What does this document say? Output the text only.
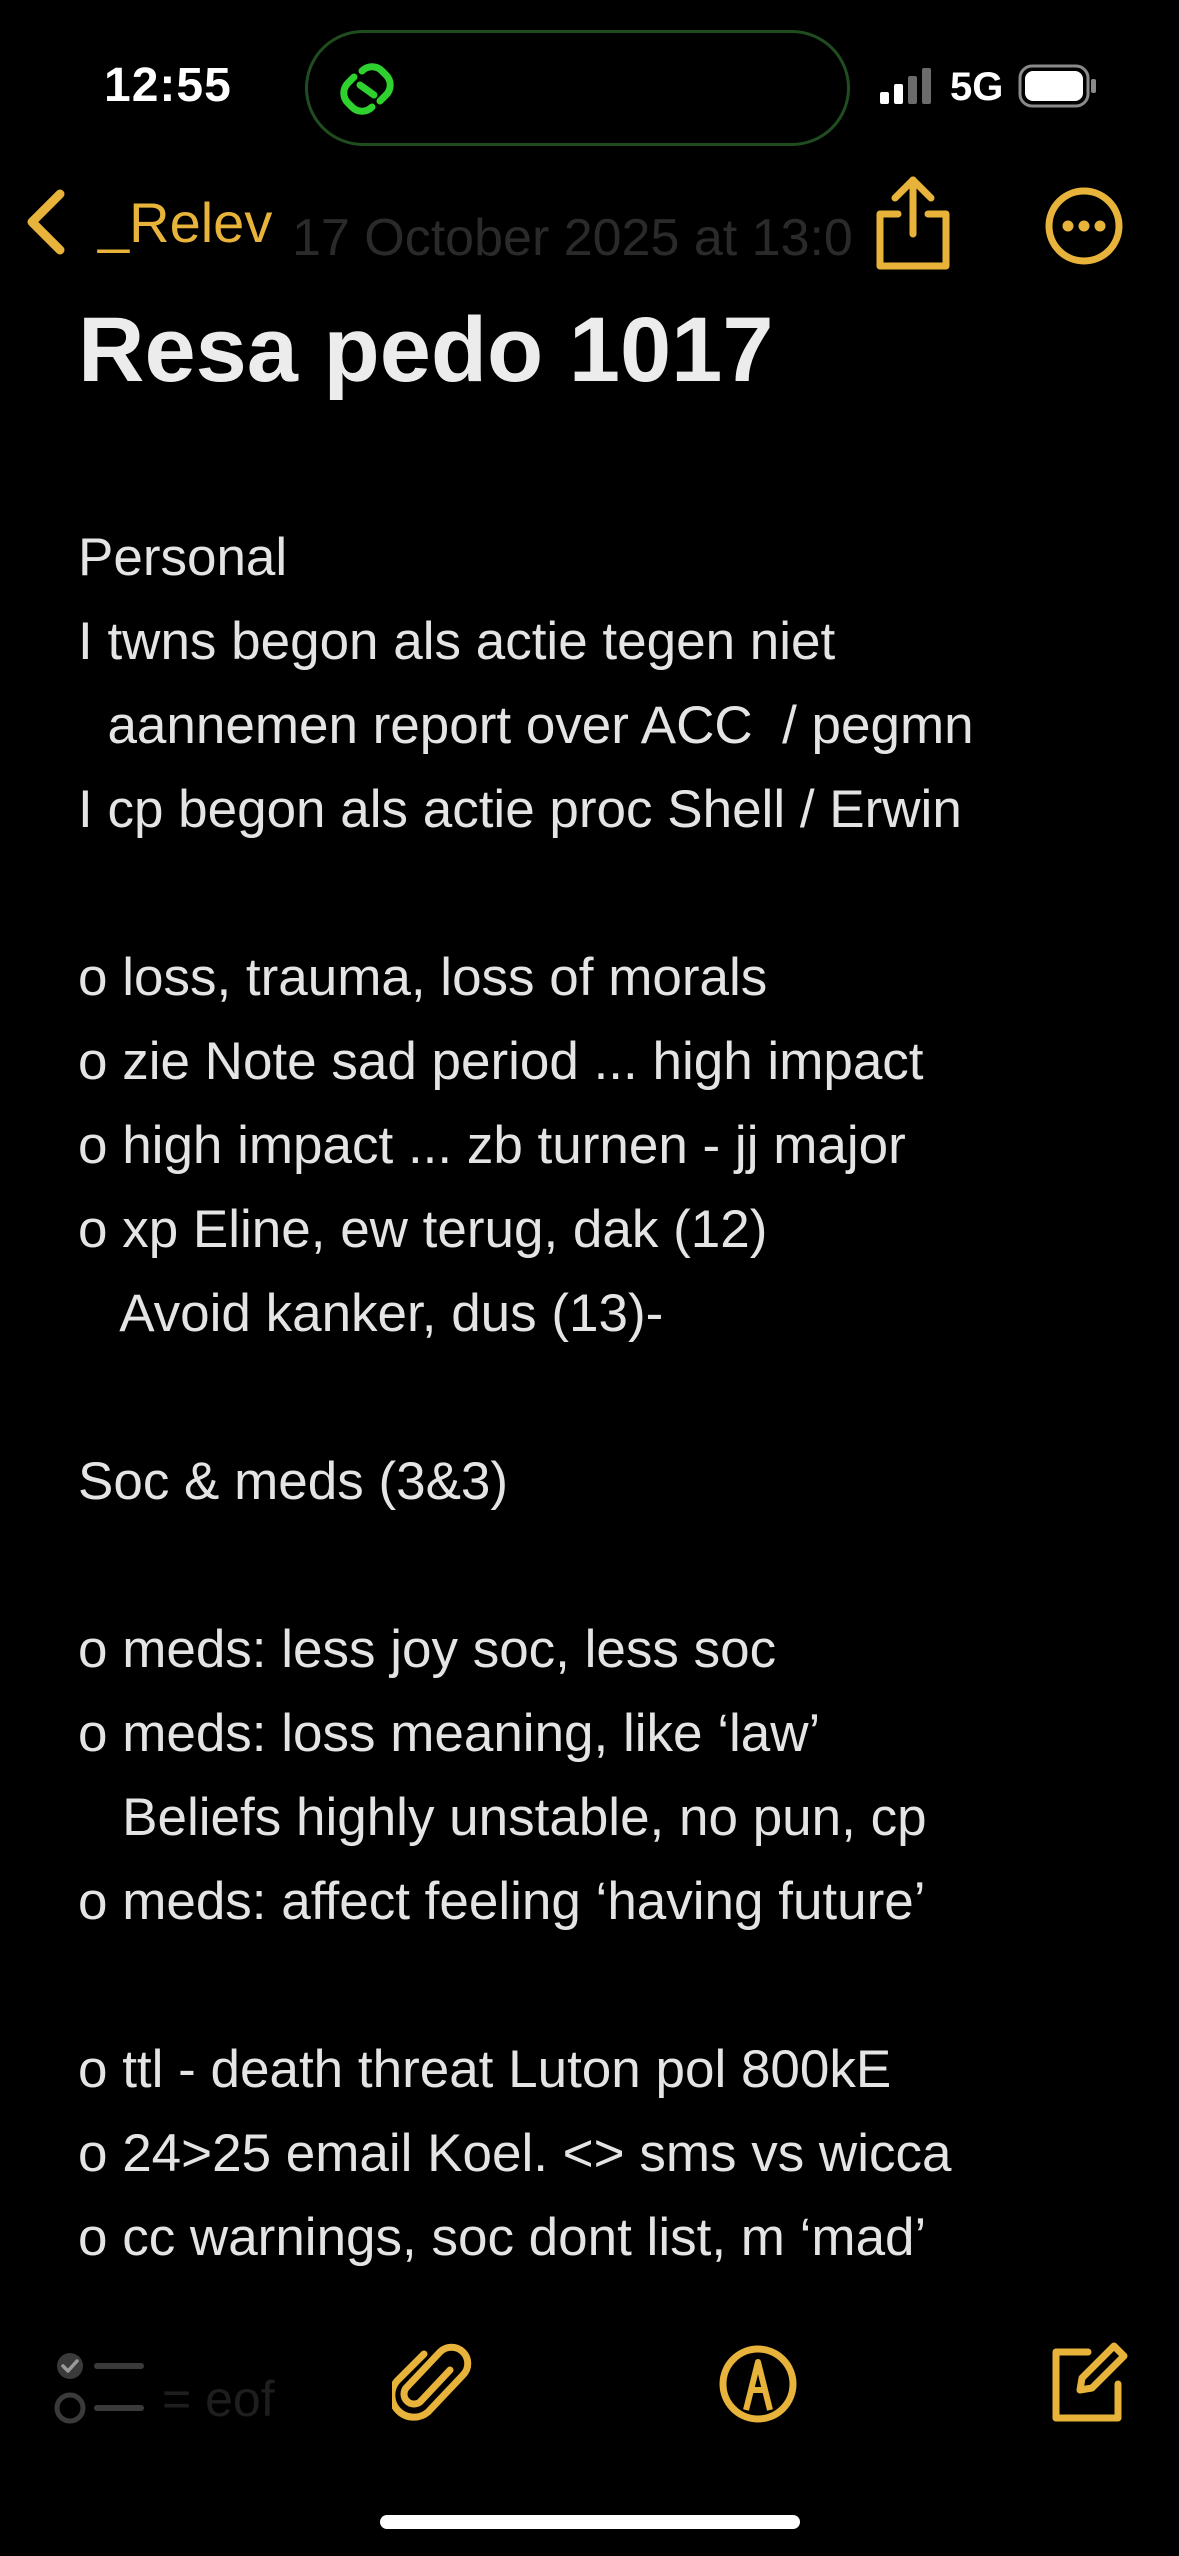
12:55	5G
_Relev 17 October 2025 at 13:0
Resa pedo 1017
Personal
I twns begon als actie tegen niet
aannemen report over ACC  / pegmn
I cp begon als actie proc Shell / Erwin
o loss, trauma, loss of morals
o zie Note sad period ... high impact
o high impact ... zb turnen - jj major
o xp Eline, ew terug, dak (12)
Avoid kanker, dus (13)-
Soc & meds (3&3)
o meds: less joy soc, less soc
o meds: loss meaning, like ‘law’
Beliefs highly unstable, no pun, cp
o meds: affect feeling ‘having future’
o ttl - death threat Luton pol 800kE
o 24>25 email Koel. <> sms vs wicca
o cc warnings, soc dont list, m ‘mad’
= eof
